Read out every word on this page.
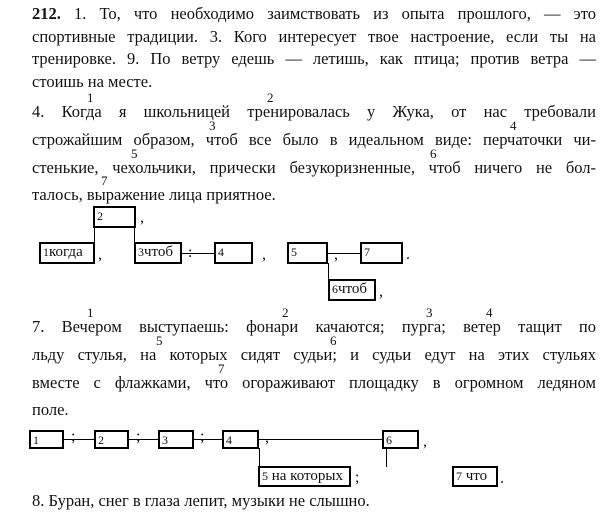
212. 1. То, что необходимо заимствовать из опыта прошлого, — это
спортивные традиции. 3. Кого интересует твое настроение, если ты на
тренировке. 9. По ветру едешь — летишь, как птица; против ветра —
стоишь на месте.
4. Когда я школьницей тренировалась у Жука, от нас требовали
строжайшим образом, чтоб все было в идеальном виде: перчаточки чи-
стенькие, чехольчики, прически безукоризненные, чтоб ничего не бол-
талось, выражение лица приятное.
1	2
3	4
5	6
7
$^2$	,
$^1$когда ,	$^3$чтоб :	$^4$	,	$^5$	,	$^7$	.
$^6$чтоб ,
7. Вечером выступаешь: фонари качаются; пурга; ветер тащит по
льду стулья, на которых сидят судьи; и судьи едут на этих стульях
вместе с флажками, что огораживают площадку в огромном ледяном
поле.
1	2	3	4
5	6
7
$^1$	;	$^2$	;	$^3$	;	$^4$	,	$^6$	,
$^5$ на которых ;	$^7$ что .
8. Буран, снег в глаза лепит, музыки не слышно.
